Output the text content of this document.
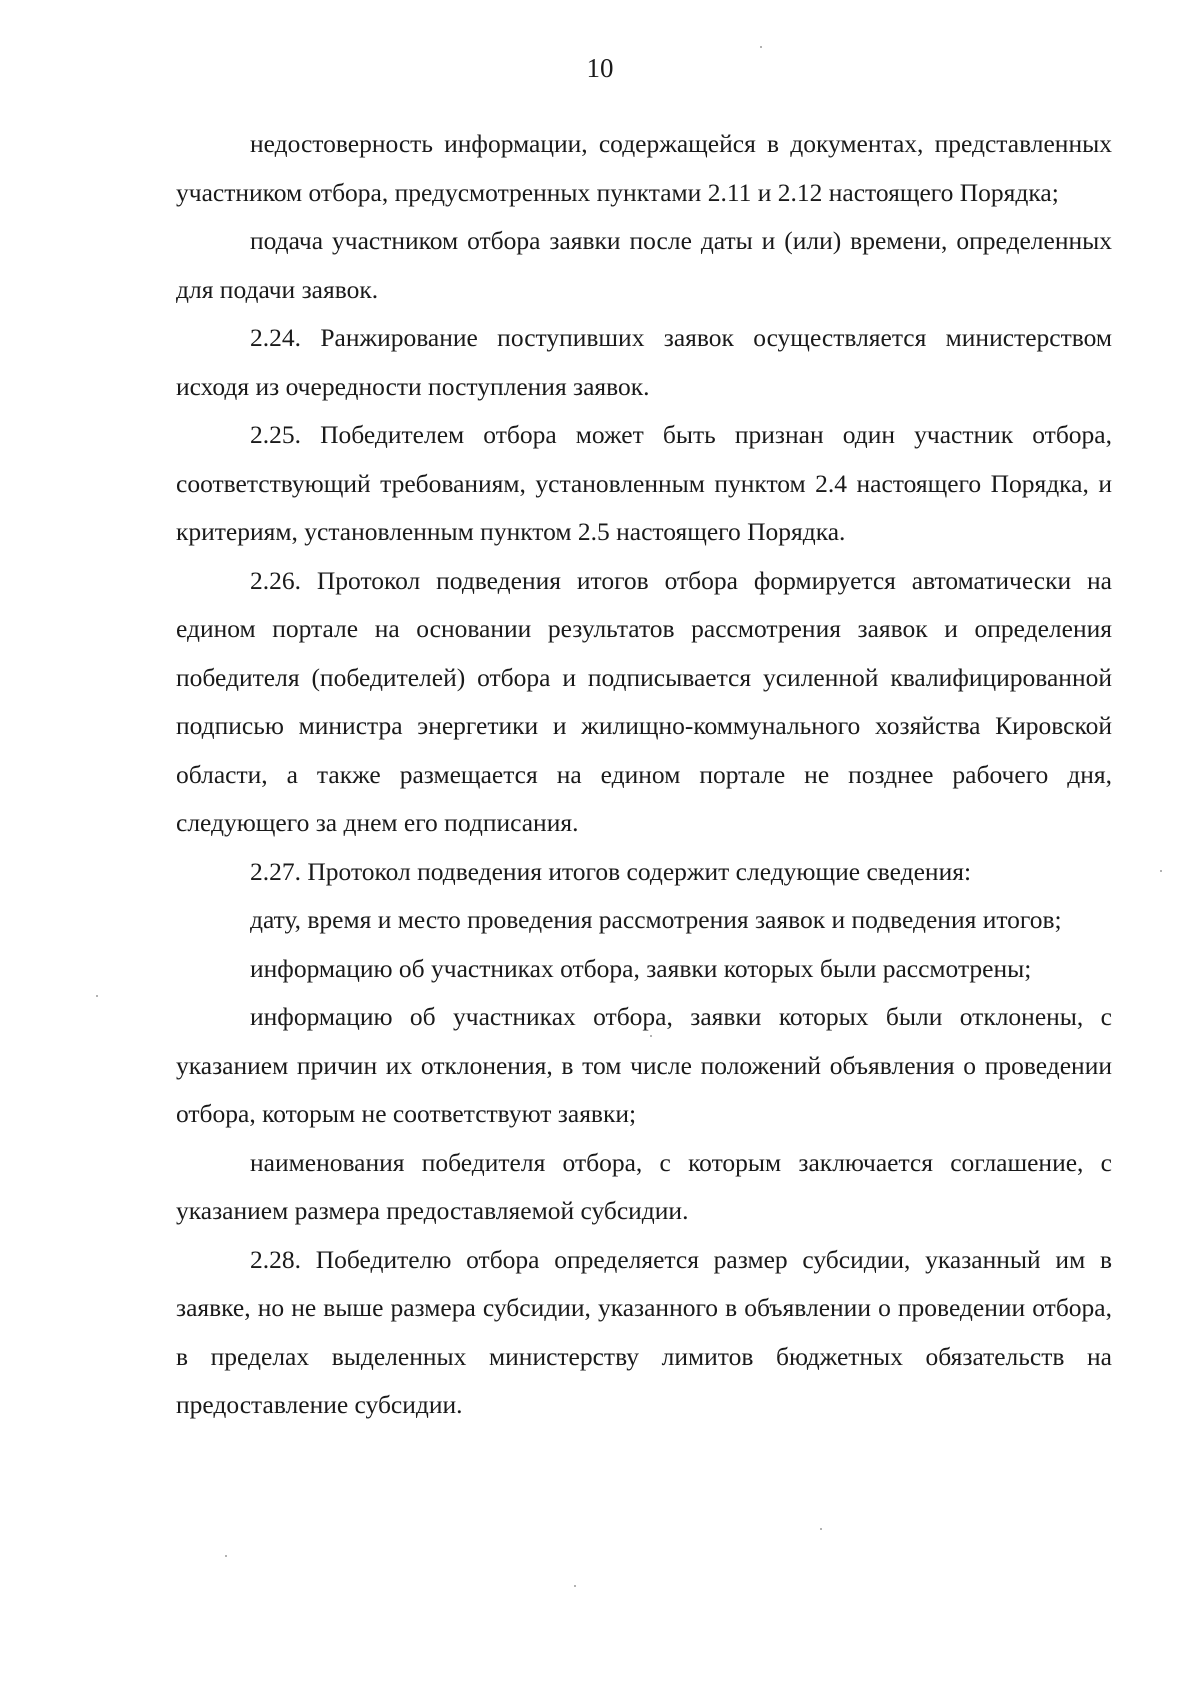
10

недостоверность информации, содержащейся в документах, представленных участником отбора, предусмотренных пунктами 2.11 и 2.12 настоящего Порядка;

подача участником отбора заявки после даты и (или) времени, определенных для подачи заявок.

2.24. Ранжирование поступивших заявок осуществляется министерством исходя из очередности поступления заявок.

2.25. Победителем отбора может быть признан один участник отбора, соответствующий требованиям, установленным пунктом 2.4 настоящего Порядка, и критериям, установленным пунктом 2.5 настоящего Порядка.

2.26. Протокол подведения итогов отбора формируется автоматически на едином портале на основании результатов рассмотрения заявок и определения победителя (победителей) отбора и подписывается усиленной квалифицированной подписью министра энергетики и жилищно-коммунального хозяйства Кировской области, а также размещается на едином портале не позднее рабочего дня, следующего за днем его подписания.

2.27. Протокол подведения итогов содержит следующие сведения:

дату, время и место проведения рассмотрения заявок и подведения итогов;

информацию об участниках отбора, заявки которых были рассмотрены;

информацию об участниках отбора, заявки которых были отклонены, с указанием причин их отклонения, в том числе положений объявления о проведении отбора, которым не соответствуют заявки;

наименования победителя отбора, с которым заключается соглашение, с указанием размера предоставляемой субсидии.

2.28. Победителю отбора определяется размер субсидии, указанный им в заявке, но не выше размера субсидии, указанного в объявлении о проведении отбора, в пределах выделенных министерству лимитов бюджетных обязательств на предоставление субсидии.
